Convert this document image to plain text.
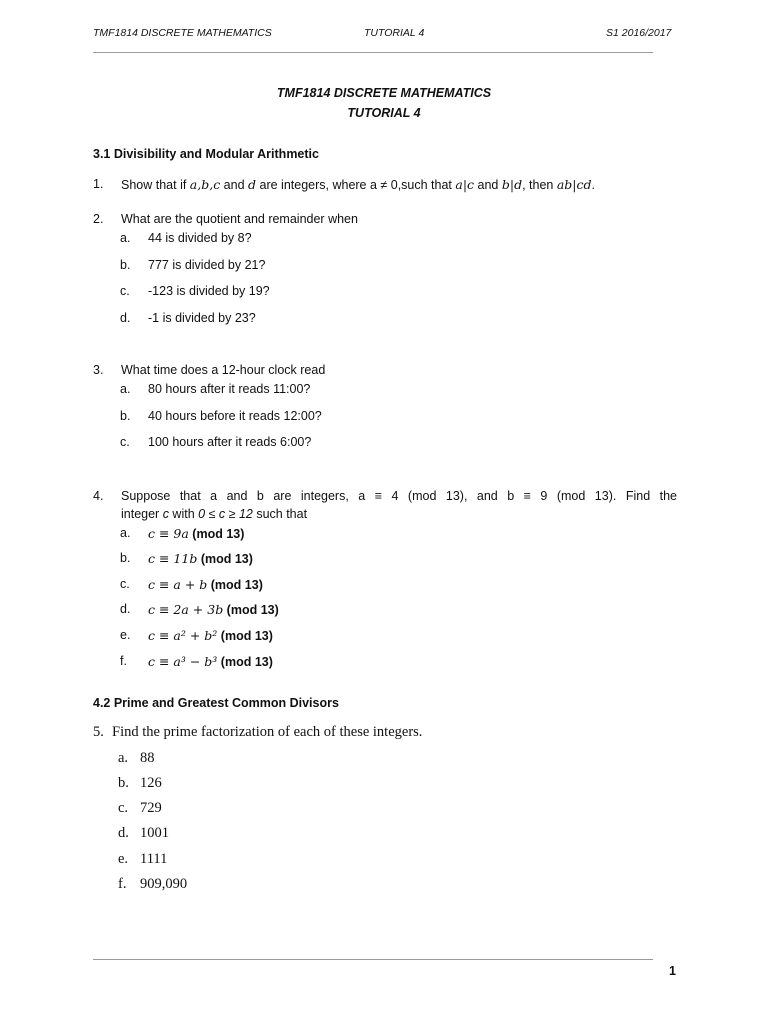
TMF1814 DISCRETE MATHEMATICS	TUTORIAL 4	S1 2016/2017
TMF1814 DISCRETE MATHEMATICS
TUTORIAL 4
3.1 Divisibility and Modular Arithmetic
1. Show that if a,b,c and d are integers, where a ≠ 0,such that a|c and b|d, then ab|cd.
2. What are the quotient and remainder when
a. 44 is divided by 8?
b. 777 is divided by 21?
c. -123 is divided by 19?
d. -1 is divided by 23?
3. What time does a 12-hour clock read
a. 80 hours after it reads 11:00?
b. 40 hours before it reads 12:00?
c. 100 hours after it reads 6:00?
4. Suppose that a and b are integers, a ≡ 4 (mod 13), and b ≡ 9 (mod 13). Find the
integer c with 0 ≤ c ≥ 12 such that
a. c ≡ 9a (mod 13)
b. c ≡ 11b (mod 13)
c. c ≡ a + b (mod 13)
d. c ≡ 2a + 3b (mod 13)
e. c ≡ a² + b² (mod 13)
f. c ≡ a³ − b³ (mod 13)
4.2 Prime and Greatest Common Divisors
5. Find the prime factorization of each of these integers.
a. 88
b. 126
c. 729
d. 1001
e. 1111
f. 909,090
1
